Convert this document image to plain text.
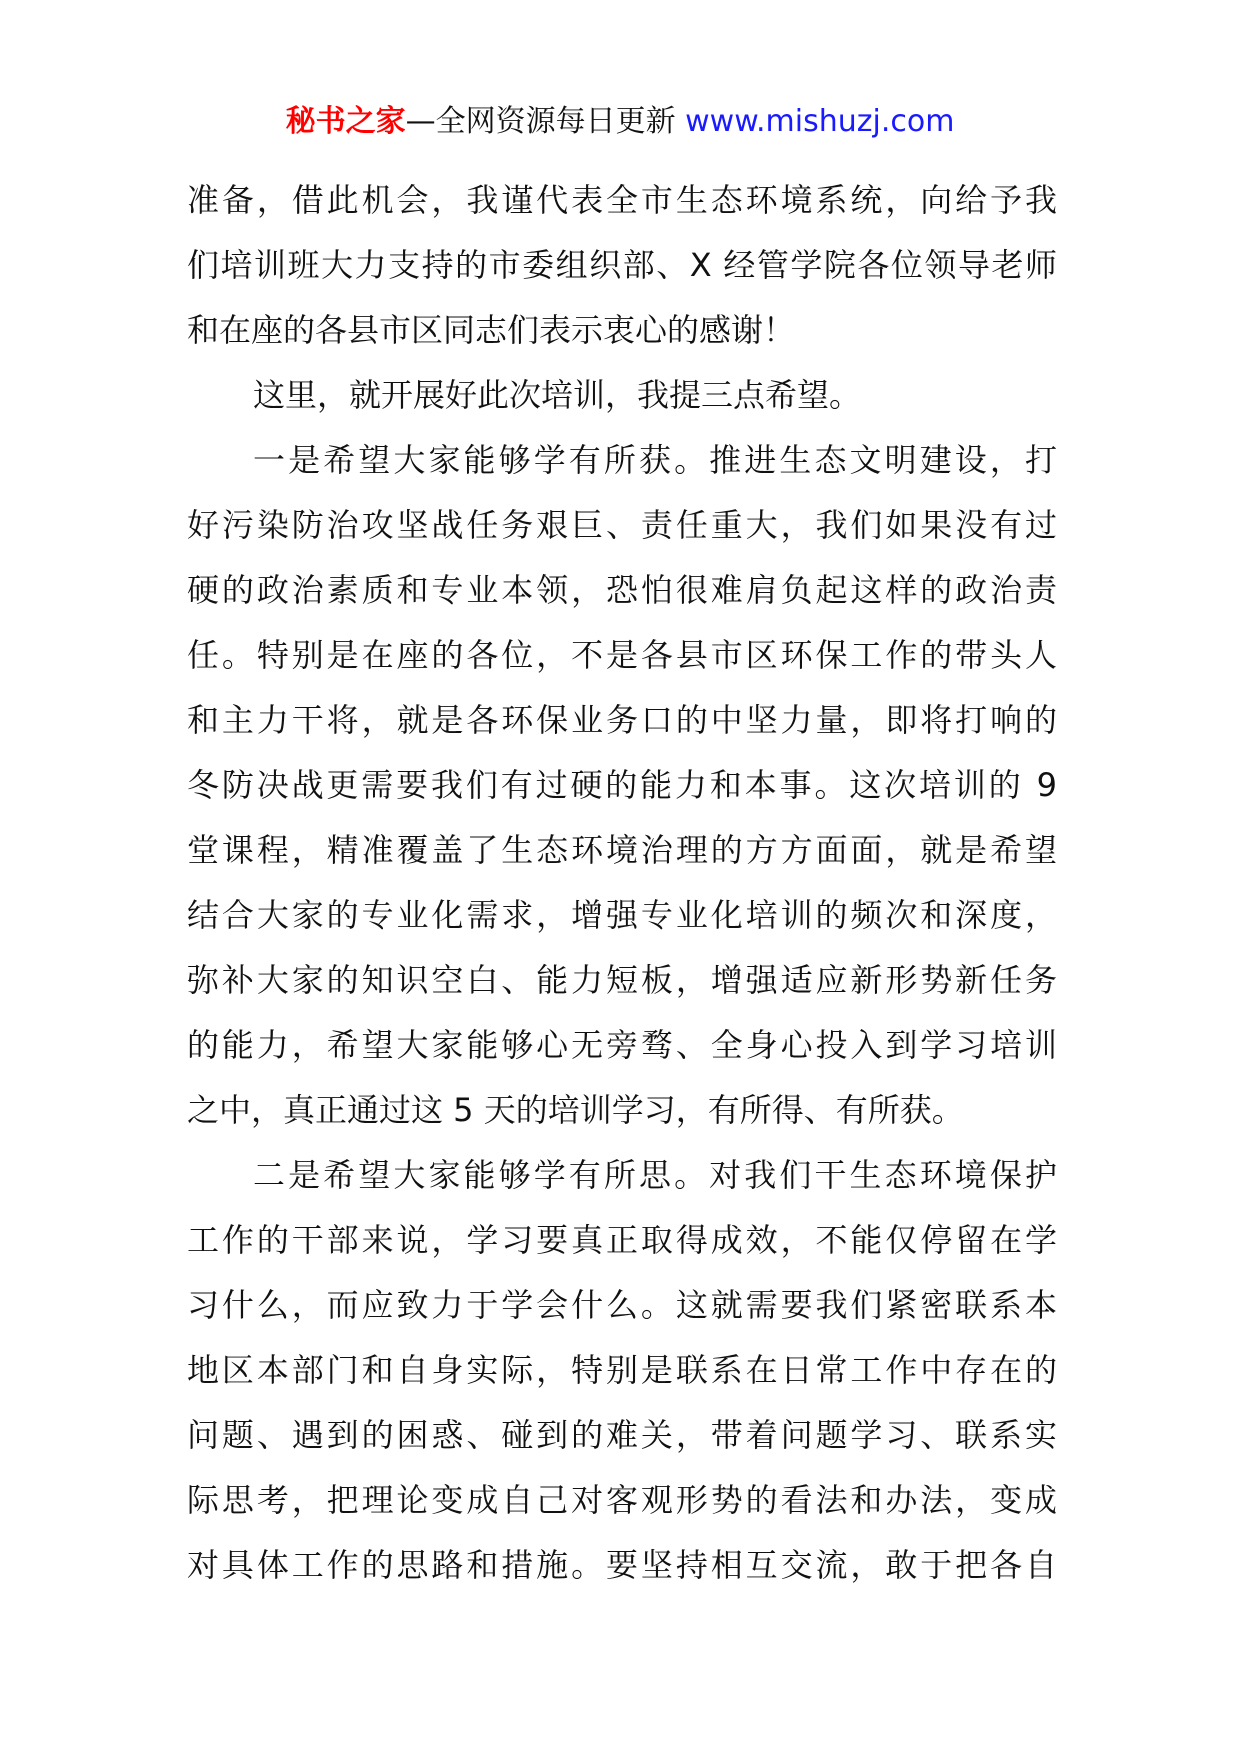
秘书之家—全网资源每日更新 www.mishuzj.com
准备，借此机会，我谨代表全市生态环境系统，向给予我
们培训班大力支持的市委组织部、X 经管学院各位领导老师
和在座的各县市区同志们表示衷心的感谢！
这里，就开展好此次培训，我提三点希望。
一是希望大家能够学有所获。推进生态文明建设，打
好污染防治攻坚战任务艰巨、责任重大，我们如果没有过
硬的政治素质和专业本领，恐怕很难肩负起这样的政治责
任。特别是在座的各位，不是各县市区环保工作的带头人
和主力干将，就是各环保业务口的中坚力量，即将打响的
冬防决战更需要我们有过硬的能力和本事。这次培训的 9
堂课程，精准覆盖了生态环境治理的方方面面，就是希望
结合大家的专业化需求，增强专业化培训的频次和深度，
弥补大家的知识空白、能力短板，增强适应新形势新任务
的能力，希望大家能够心无旁骛、全身心投入到学习培训
之中，真正通过这 5 天的培训学习，有所得、有所获。
二是希望大家能够学有所思。对我们干生态环境保护
工作的干部来说，学习要真正取得成效，不能仅停留在学
习什么，而应致力于学会什么。这就需要我们紧密联系本
地区本部门和自身实际，特别是联系在日常工作中存在的
问题、遇到的困惑、碰到的难关，带着问题学习、联系实
际思考，把理论变成自己对客观形势的看法和办法，变成
对具体工作的思路和措施。要坚持相互交流，敢于把各自
